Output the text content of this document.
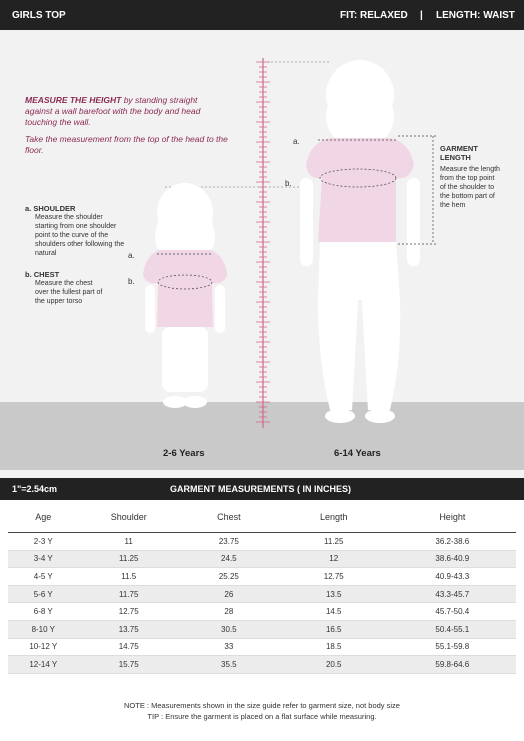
GIRLS TOP	FIT: RELAXED | LENGTH: WAIST
a.
b.
a.
b.
MEASURE THE HEIGHT by standing straight against a wall barefoot with the body and head touching the wall.
Take the measurement from the top of the head to the floor.
a. SHOULDER
Measure the shoulder starting from one shoulder point to the curve of the shoulders other following the natural
b. CHEST
Measure the chest over the fullest part of the upper torso
GARMENT LENGTH
Measure the length from the top point of the shoulder to the bottom part of the hem
2-6 Years	6-14 Years
1"=2.54cm	GARMENT MEASUREMENTS ( IN INCHES)
Age	Shoulder	Chest	Length	Height
2-3 Y	11	23.75	11.25	36.2-38.6
3-4 Y	11.25	24.5	12	38.6-40.9
4-5 Y	11.5	25.25	12.75	40.9-43.3
5-6 Y	11.75	26	13.5	43.3-45.7
6-8 Y	12.75	28	14.5	45.7-50.4
8-10 Y	13.75	30.5	16.5	50.4-55.1
10-12 Y	14.75	33	18.5	55.1-59.8
12-14 Y	15.75	35.5	20.5	59.8-64.6
NOTE : Measurements shown in the size guide refer to garment size, not body size
TIP : Ensure the garment is placed on a flat surface while measuring.
